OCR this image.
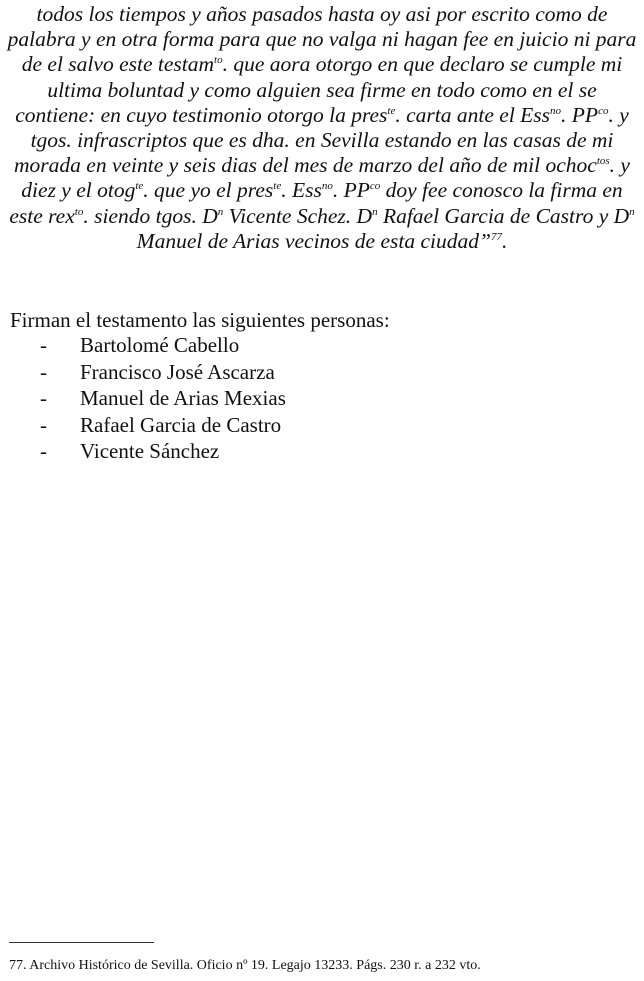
todos los tiempos y años pasados hasta oy asi por escrito como de palabra y en otra forma para que no valga ni hagan fee en juicio ni para de el salvo este testam$^{to}$. que aora otorgo en que declaro se cumple mi ultima boluntad y como alguien sea firme en todo como en el se contiene: en cuyo testimonio otorgo la pres$^{te}$. carta ante el Ess$^{no}$. $PP^{co}$. y tgos. infrascriptos que es dha. en Sevilla estando en las casas de mi morada en veinte y seis dias del mes de marzo del año de mil ochoc$^{tos}$. y diez y el otog$^{te}$. que yo el pres$^{te}$. Ess$^{no}$. $PP^{co}$ doy fee conosco la firma en este rex$^{to}$. siendo tgos. $D^n$ Vicente Schez. $D^n$ Rafael Garcia de Castro y $D^n$ Manuel de Arias vecinos de esta ciudad”$^{77}$.

Firman el testamento las siguientes personas:

- Bartolomé Cabello
- Francisco José Ascarza
- Manuel de Arias Mexias
- Rafael Garcia de Castro
- Vicente Sánchez

77. Archivo Histórico de Sevilla. Oficio nº 19. Legajo 13233. Págs. 230 r. a 232 vto.
